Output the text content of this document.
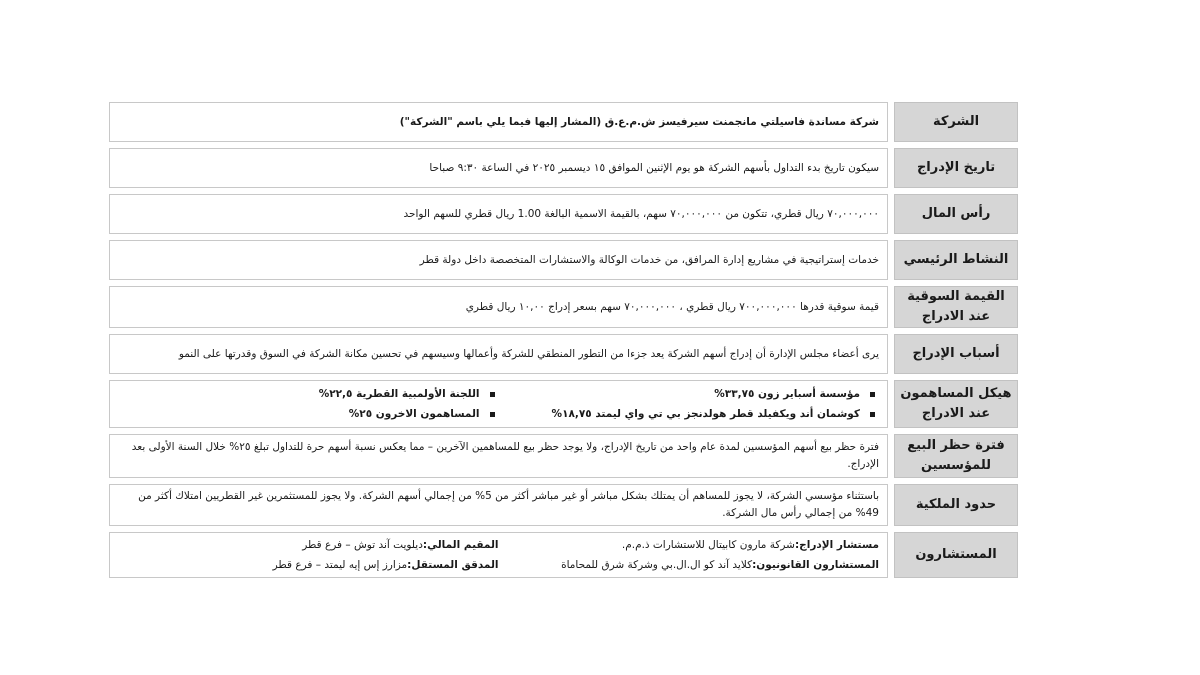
الشركة
شركة مساندة فاسيلتي مانجمنت سيرفيسز ش.م.ع.ق (المشار إليها فيما يلي باسم "الشركة")
تاريخ الإدراج
سيكون تاريخ بدء التداول بأسهم الشركة هو يوم الإثنين الموافق ١٥ ديسمبر ٢٠٢٥ في الساعة ٩:٣٠ صباحا
رأس المال
٧٠,٠٠٠,٠٠٠ ريال قطري، تتكون من ٧٠,٠٠٠,٠٠٠ سهم، بالقيمة الاسمية البالغة 1.00 ريال قطري للسهم الواحد
النشاط الرئيسي
خدمات إستراتيجية في مشاريع إدارة المرافق، من خدمات الوكالة والاستشارات المتخصصة داخل دولة قطر
القيمة السوقية عند الادراج
قيمة سوقية قدرها ٧٠٠,٠٠٠,٠٠٠ ريال قطري ، ٧٠,٠٠٠,٠٠٠ سهم بسعر إدراج ١٠,٠٠ ريال قطري
أسباب الإدراج
يرى أعضاء مجلس الإدارة أن إدراج أسهم الشركة يعد جزءا من التطور المنطقي للشركة وأعمالها وسيسهم في تحسين مكانة الشركة في السوق وقدرتها على النمو
هيكل المساهمون عند الادراج
مؤسسة أسباير زون ٣٣,٧٥%
اللجنة الأولمبية القطرية ٢٢,٥%
كوشمان أند ويكفيلد قطر هولدنجز بي تي واي ليمتد ١٨,٧٥%
المساهمون الاخرون ٢٥%
فترة حظر البيع للمؤسسين
فترة حظر بيع أسهم المؤسسين لمدة عام واحد من تاريخ الإدراج، ولا يوجد حظر بيع للمساهمين الآخرين – مما يعكس نسبة أسهم حرة للتداول تبلغ ٢٥% خلال السنة الأولى بعد الإدراج.
حدود الملكية
باستثناء مؤسسي الشركة، لا يجوز للمساهم أن يمتلك بشكل مباشر أو غير مباشر أكثر من 5% من إجمالي أسهم الشركة. ولا يجوز للمستثمرين غير القطريين امتلاك أكثر من 49% من إجمالي رأس مال الشركة.
المستشارون
مستشار الإدراج:
شركة مارون كابيتال للاستشارات ذ.م.م.
المقيم المالي:
ديلويت آند توش – فرع قطر
المستشارون القانونيون:
كلايد آند كو ال.ال.بي وشركة شرق للمحاماة
المدقق المستقل:
مزارز إس إيه ليمتد – فرع قطر
